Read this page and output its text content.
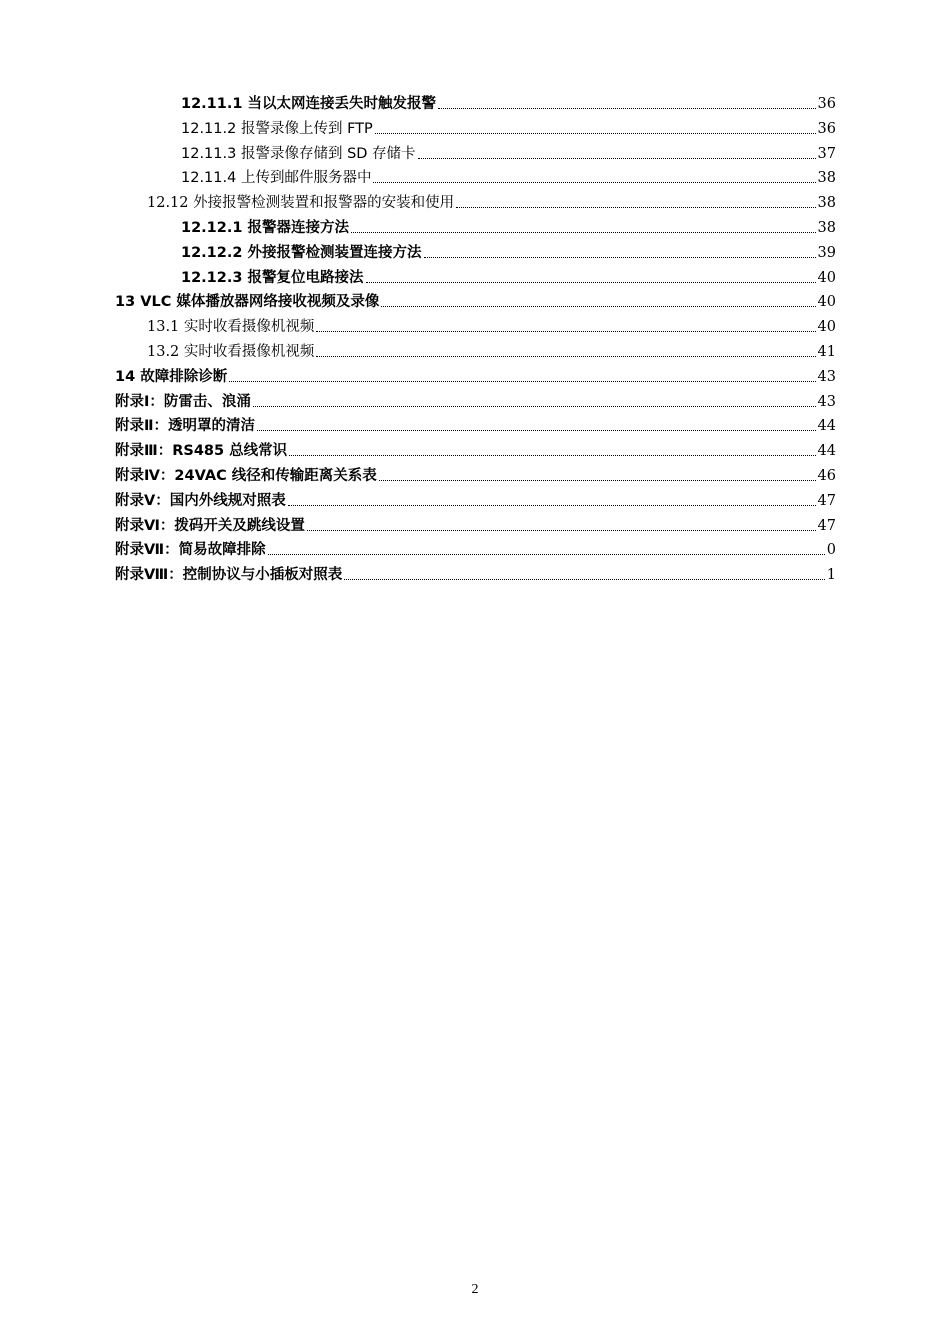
12.11.1 当以太网连接丢失时触发报警	36
12.11.2 报警录像上传到 FTP	36
12.11.3 报警录像存储到 SD 存储卡	37
12.11.4 上传到邮件服务器中	38
12.12 外接报警检测装置和报警器的安装和使用	38
12.12.1 报警器连接方法	38
12.12.2 外接报警检测装置连接方法	39
12.12.3 报警复位电路接法	40
13 VLC 媒体播放器网络接收视频及录像	40
13.1 实时收看摄像机视频	40
13.2 实时收看摄像机视频	41
14 故障排除诊断	43
附录Ⅰ：防雷击、浪涌	43
附录Ⅱ：透明罩的清洁	44
附录Ⅲ：RS485 总线常识	44
附录Ⅳ：24VAC 线径和传输距离关系表	46
附录Ⅴ：国内外线规对照表	47
附录Ⅵ：拨码开关及跳线设置	47
附录Ⅶ：简易故障排除	0
附录Ⅷ：控制协议与小插板对照表	1
2
